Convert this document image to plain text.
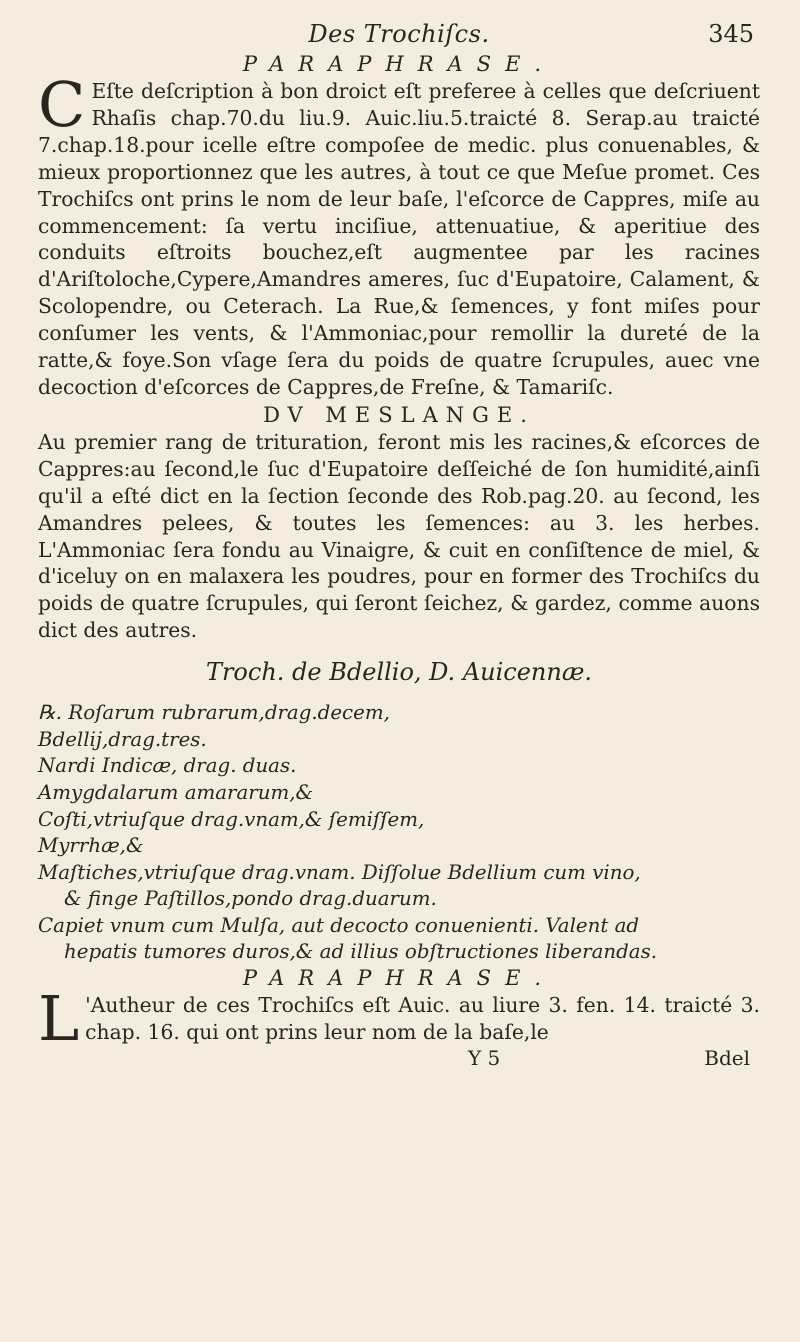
Des Trochiſcs.	345
PARAPHRASE.

C Eſte deſcription à bon droict eſt preferee à celles que deſcriuent Rhaſis chap.70.du liu.9. Auic.liu.5.traicté 8. Serap.au traicté 7.chap.18.pour icelle eſtre compoſee de medic. plus conuenables, & mieux proportionnez que les autres, à tout ce que Meſue promet. Ces Trochiſcs ont prins le nom de leur baſe, l'eſcorce de Cappres, miſe au commencement: ſa vertu inciſiue, attenuatiue, & aperitiue des conduits eſtroits bouchez,eſt augmentee par les racines d'Ariſtoloche,Cypere,Amandres ameres, ſuc d'Eupatoire, Calament, & Scolopendre, ou Ceterach. La Rue,& ſemences, y font miſes pour conſumer les vents, & l'Ammoniac,pour remollir la dureté de la ratte,& foye.Son vſage ſera du poids de quatre ſcrupules, auec vne decoction d'eſcorces de Cappres,de Freſne, & Tamariſc.

DV MESLANGE.

Au premier rang de trituration, feront mis les racines,& eſcorces de Cappres:au ſecond,le ſuc d'Eupatoire deſſeiché de ſon humidité,ainſi qu'il a eſté dict en la ſection ſeconde des Rob.pag.20. au ſecond, les Amandres pelees, & toutes les ſemences: au 3. les herbes. L'Ammoniac ſera fondu au Vinaigre, & cuit en conſiſtence de miel, & d'iceluy on en malaxera les poudres, pour en former des Trochiſcs du poids de quatre ſcrupules, qui ſeront ſeichez, & gardez, comme auons dict des autres.

Troch. de Bdellio, D. Auicennæ.
℞. Roſarum rubrarum,drag.decem,
Bdellij,drag.tres.
Nardi Indicæ, drag. duas.
Amygdalarum amararum,&
Coſti,vtriuſque drag.vnam,& ſemiſſem,
Myrrhæ,&
Maſtiches,vtriuſque drag.vnam. Diſſolue Bdellium cum vino,
& finge Paſtillos,pondo drag.duarum.
Capiet vnum cum Mulſa, aut decocto conuenienti. Valent ad
hepatis tumores duros,& ad illius obſtructiones liberandas.
PARAPHRASE.

L 'Autheur de ces Trochiſcs eſt Auic. au liure 3. fen. 14. traicté 3. chap. 16. qui ont prins leur nom de la baſe,le

Y 5	Bdel
